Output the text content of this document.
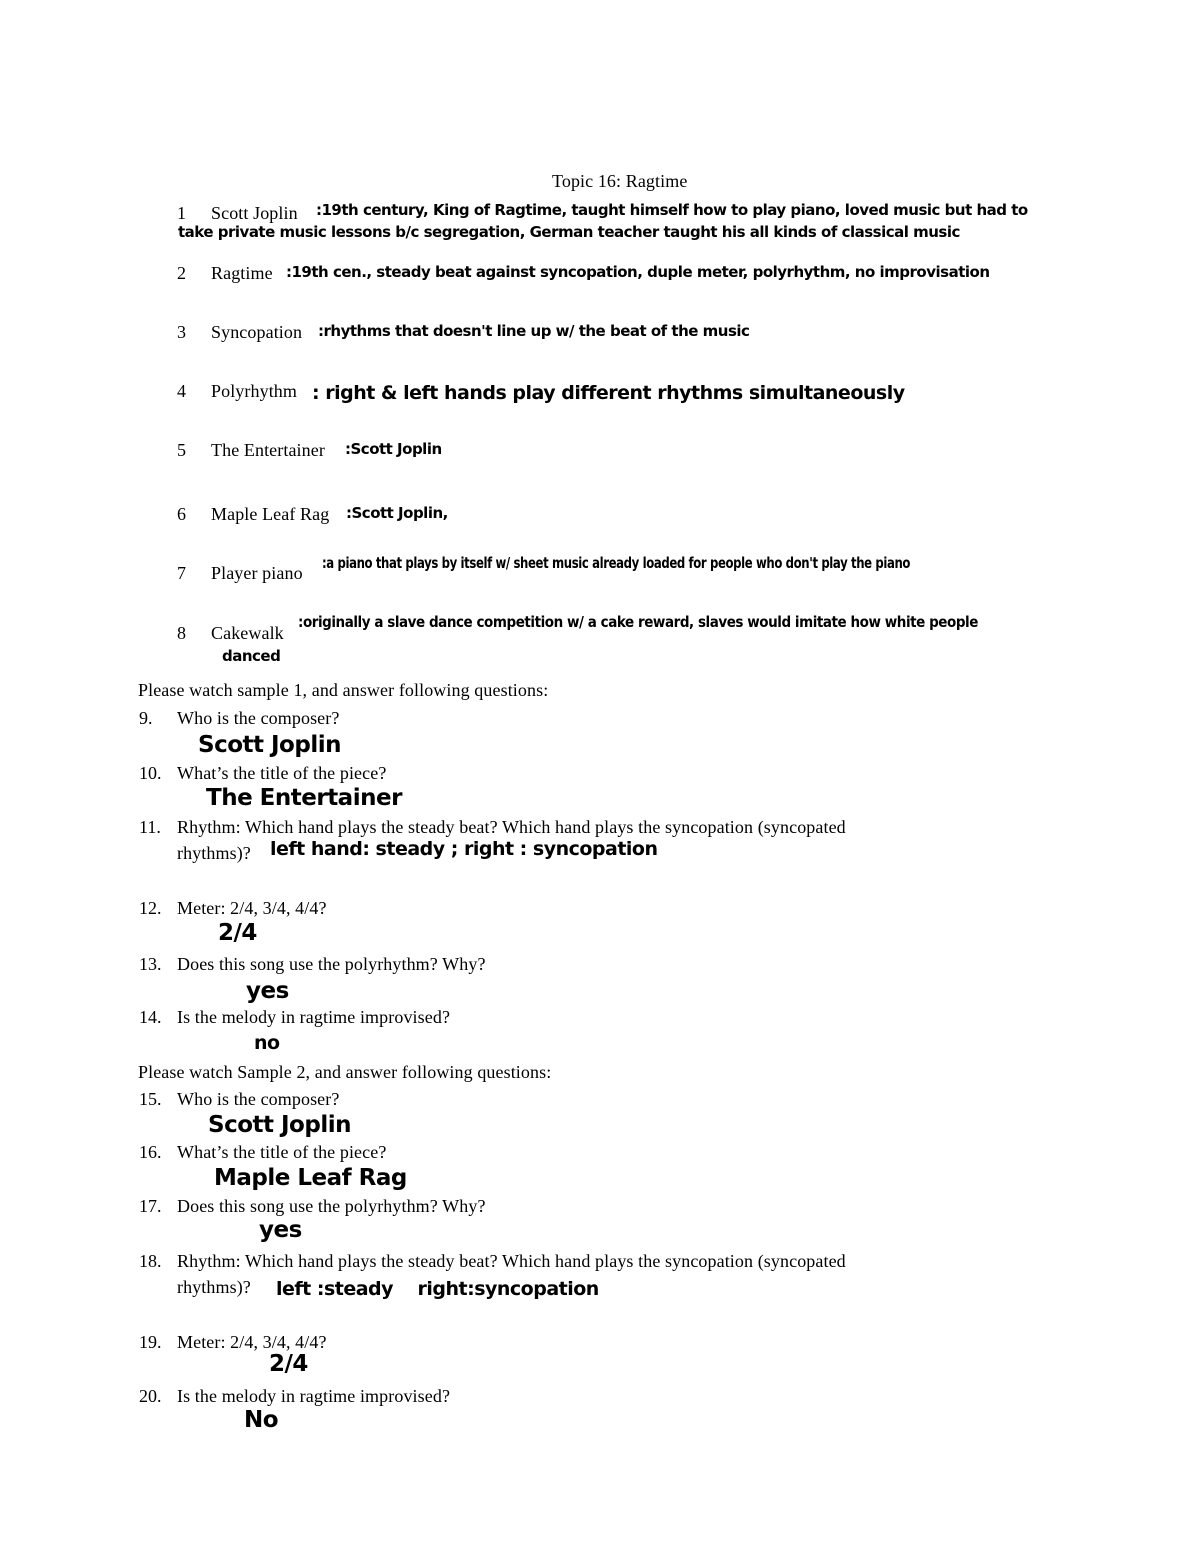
Topic 16: Ragtime
1 Scott Joplin :19th century, King of Ragtime, taught himself how to play piano, loved music but had to
take private music lessons b/c segregation, German teacher taught his all kinds of classical music
2 Ragtime :19th cen., steady beat against syncopation, duple meter, polyrhythm, no improvisation
3 Syncopation :rhythms that doesn't line up w/ the beat of the music
4 Polyrhythm : right & left hands play different rhythms simultaneously
5 The Entertainer :Scott Joplin
6 Maple Leaf Rag :Scott Joplin,
7 Player piano :a piano that plays by itself w/ sheet music already loaded for people who don't play the piano
8 Cakewalk
:originally a slave dance competition w/ a cake reward, slaves would imitate how white people
danced
Please watch sample 1, and answer following questions:
9. Who is the composer?
Scott Joplin
10. What’s the title of the piece?
The Entertainer
11. Rhythm: Which hand plays the steady beat? Which hand plays the syncopation (syncopated
rhythms)? left hand: steady ; right : syncopation
12. Meter: 2/4, 3/4, 4/4?
2/4
13. Does this song use the polyrhythm? Why?
yes
14. Is the melody in ragtime improvised?
no
Please watch Sample 2, and answer following questions:
15. Who is the composer?
Scott Joplin
16. What’s the title of the piece?
Maple Leaf Rag
17. Does this song use the polyrhythm? Why?
yes
18. Rhythm: Which hand plays the steady beat? Which hand plays the syncopation (syncopated
rhythms)? left :steady    right:syncopation
19. Meter: 2/4, 3/4, 4/4?
2/4
20. Is the melody in ragtime improvised?
No
